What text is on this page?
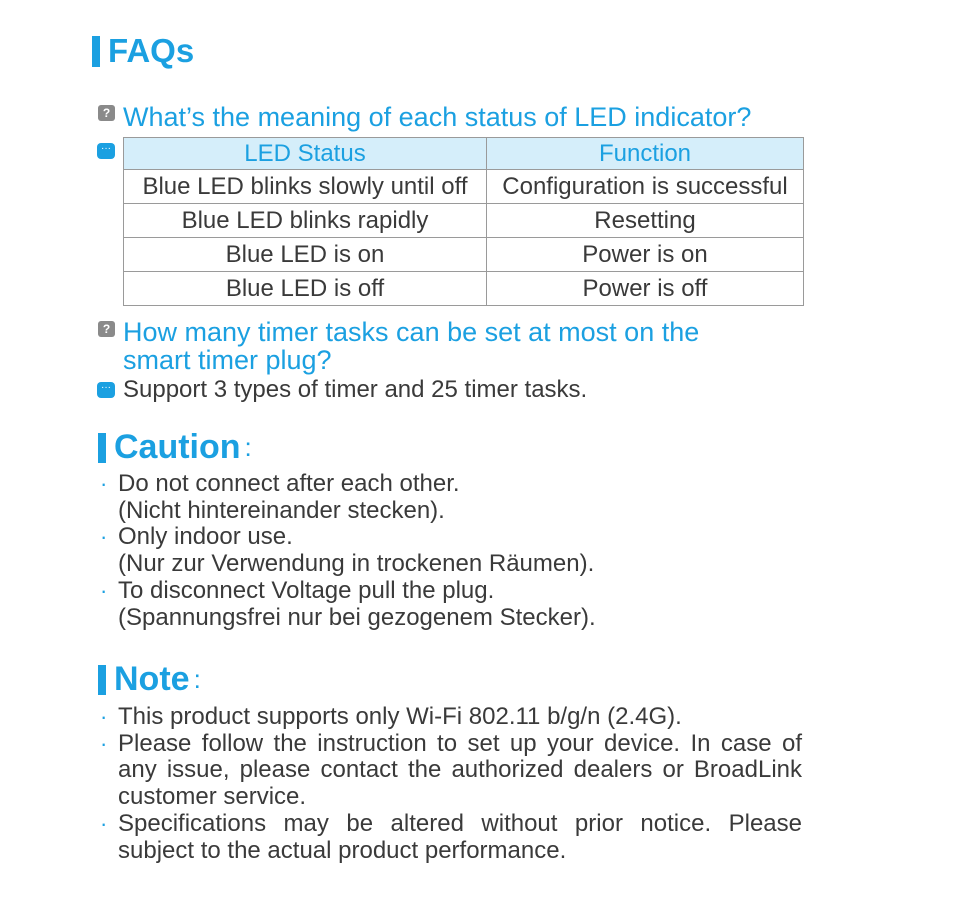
FAQs
? What’s the meaning of each status of LED indicator?
···	LED Status	Function
Blue LED blinks slowly until off	Configuration is successful
Blue LED blinks rapidly	Resetting
Blue LED is on	Power is on
Blue LED is off	Power is off
? How many timer tasks can be set at most on the
smart timer plug?
··· Support 3 types of timer and 25 timer tasks.
Caution :
· Do not connect after each other.
(Nicht hintereinander stecken).
· Only indoor use.
(Nur zur Verwendung in trockenen Räumen).
· To disconnect Voltage pull the plug.
(Spannungsfrei nur bei gezogenem Stecker).
Note :
· This product supports only Wi-Fi 802.11 b/g/n (2.4G).
· Please follow the instruction to set up your device. In case of any issue, please contact the authorized dealers or BroadLink customer service.
· Specifications may be altered without prior notice. Please subject to the actual product performance.
